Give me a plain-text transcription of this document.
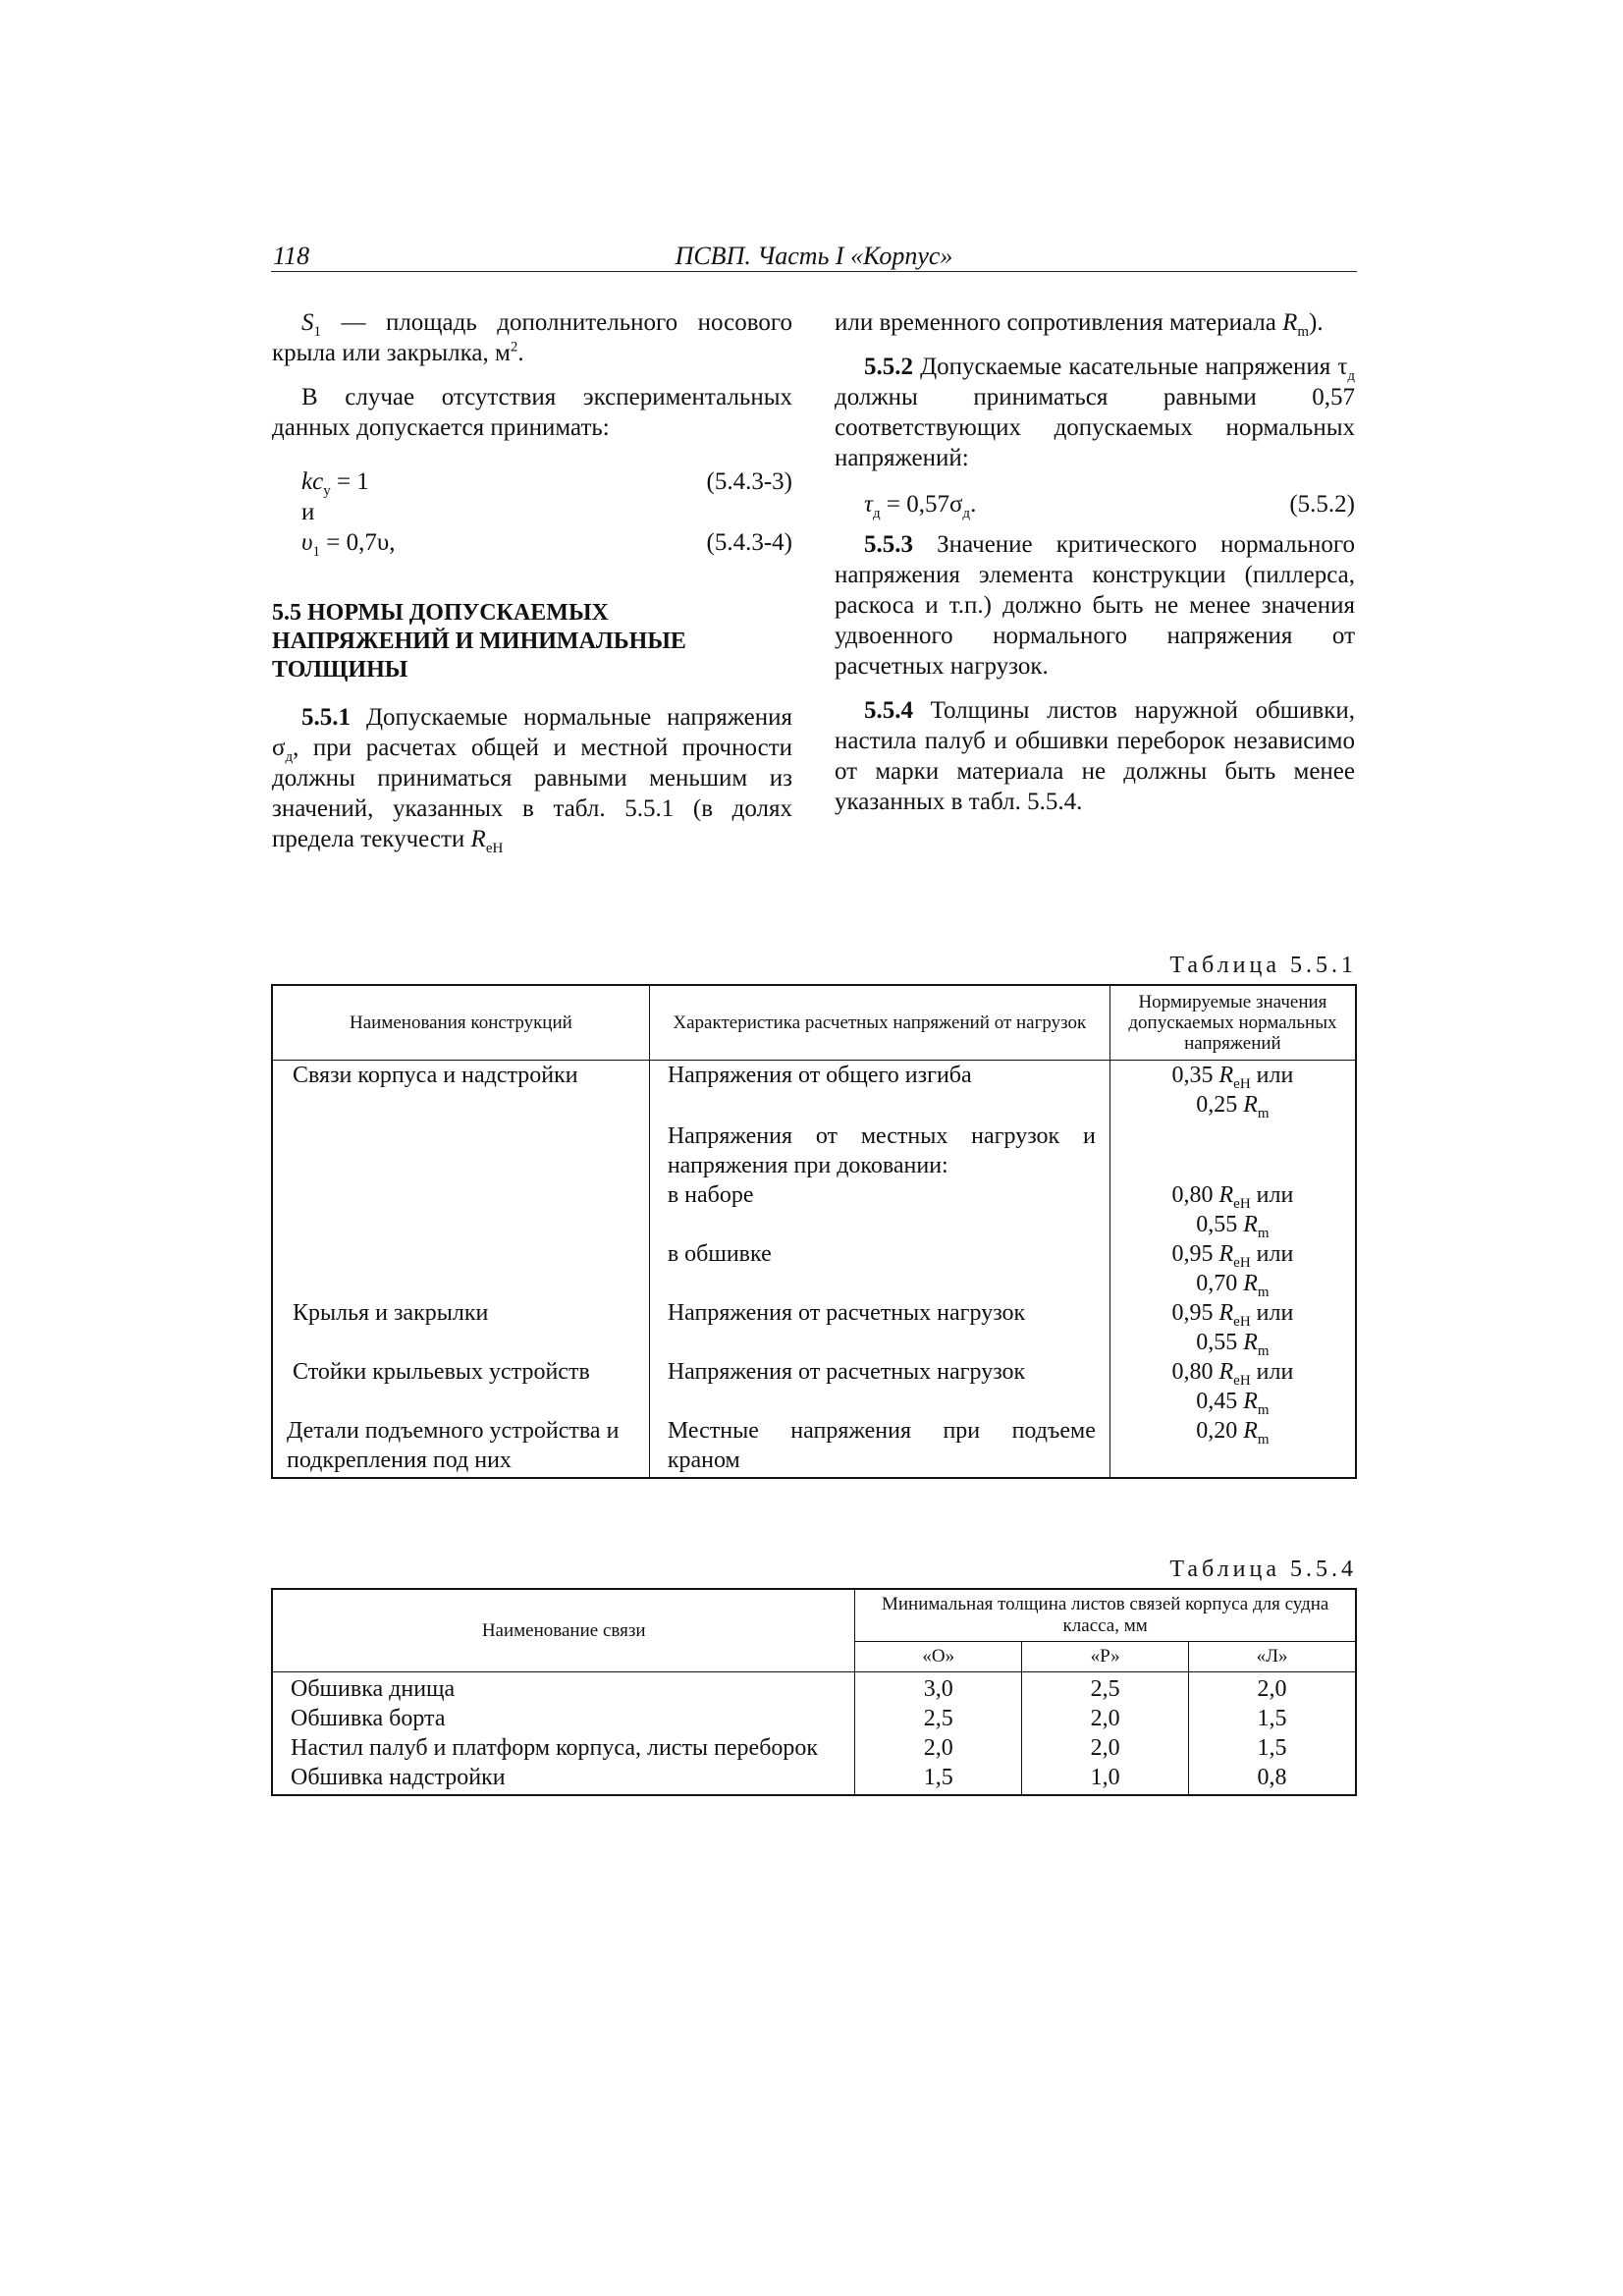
118	ПСВП. Часть I «Корпус»

$S_1$ — площадь дополнительного носового крыла или закрылка, $м^2$.

В случае отсутствия экспериментальных данных допускается принимать:

$kc_y = 1$	(5.4.3-3)
и
$\upsilon_1 = 0,7\upsilon$,	(5.4.3-4)

5.5 НОРМЫ ДОПУСКАЕМЫХ
НАПРЯЖЕНИЙ И МИНИМАЛЬНЫЕ
ТОЛЩИНЫ

5.5.1 Допускаемые нормальные напряжения $\sigma_д$, при расчетах общей и местной прочности должны приниматься равными меньшим из значений, указанных в табл. 5.5.1 (в долях предела текучести $R_{eH}$

или временного сопротивления материала $R_m$).

5.5.2 Допускаемые касательные напряжения $\tau_д$ должны приниматься равными 0,57 соответствующих допускаемых нормальных напряжений:

$\tau_д = 0,57\sigma_д$.	(5.5.2)

5.5.3 Значение критического нормального напряжения элемента конструкции (пиллерса, раскоса и т.п.) должно быть не менее значения удвоенного нормального напряжения от расчетных нагрузок.

5.5.4 Толщины листов наружной обшивки, настила палуб и обшивки переборок независимо от марки материала не должны быть менее указанных в табл. 5.5.4.

Таблица 5.5.1
Наименования конструкций	Характеристика расчетных напряжений от нагрузок	Нормируемые значения допускаемых нормальных напряжений
Связи корпуса и надстройки	Напряжения от общего изгиба	0,35 $R_{eH}$ или
0,25 $R_m$

	Напряжения от местных нагрузок и напряжения при доковании:	
	в наборе	0,80 $R_{eH}$ или
0,55 $R_m$

	в обшивке	0,95 $R_{eH}$ или
0,70 $R_m$

Крылья и закрылки	Напряжения от расчетных нагрузок	0,95 $R_{eH}$ или
0,55 $R_m$

Стойки крыльевых устройств	Напряжения от расчетных нагрузок	0,80 $R_{eH}$ или
0,45 $R_m$

Детали подъемного устройства и подкрепления под них	Местные напряжения при подъеме краном	0,20 $R_m$
Таблица 5.5.4
Наименование связи	Минимальная толщина листов связей корпуса для судна класса, мм		
	«О»	«Р»	«Л»
Обшивка днища	3,0	2,5	2,0
Обшивка борта	2,5	2,0	1,5
Настил палуб и платформ корпуса, листы переборок	2,0	2,0	1,5
Обшивка надстройки	1,5	1,0	0,8
